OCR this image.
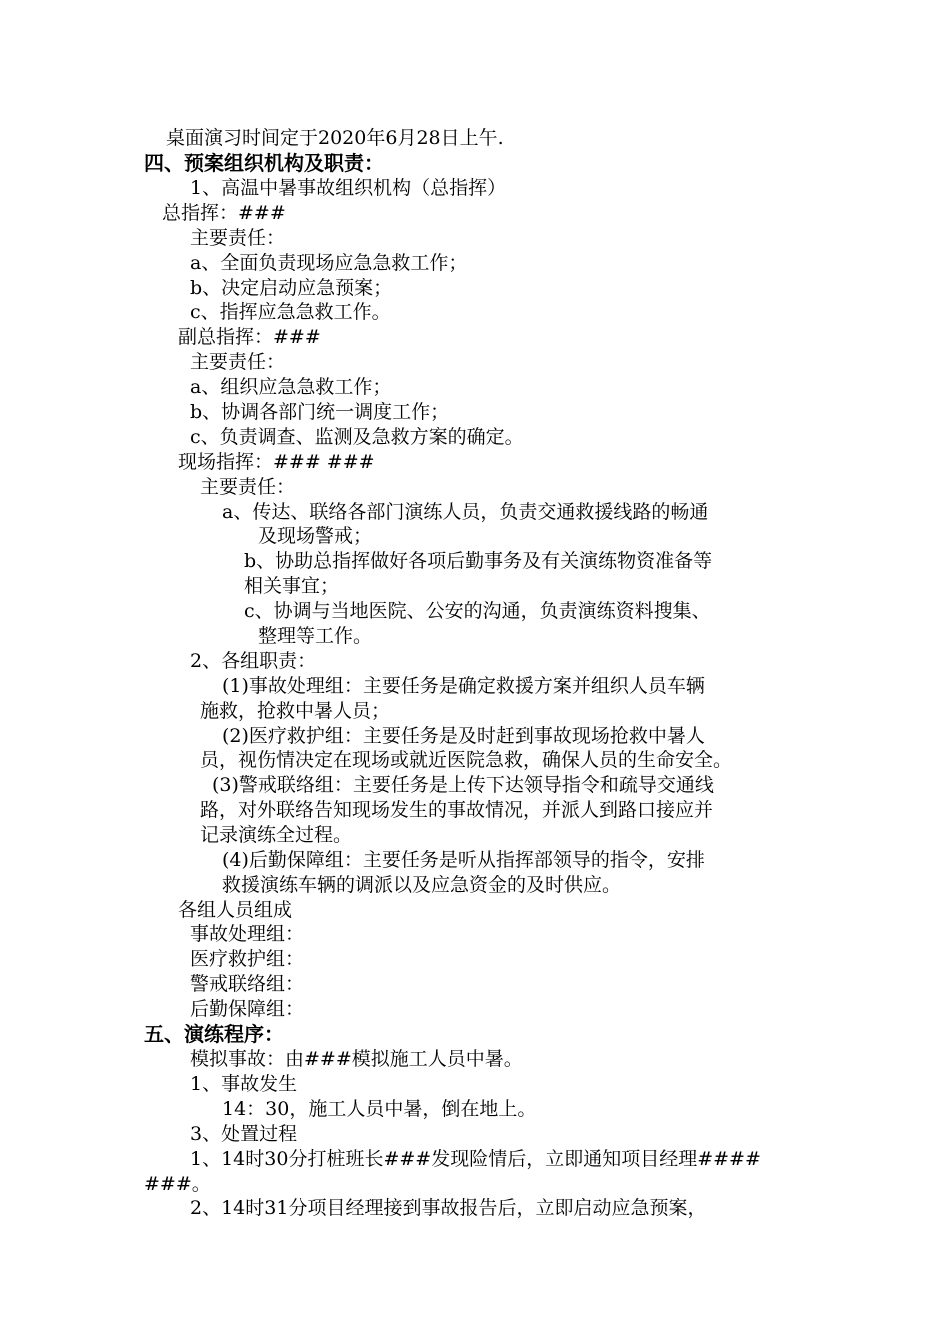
桌面演习时间定于2020年6月28日上午.
四、预案组织机构及职责：
1、高温中暑事故组织机构（总指挥）
总指挥：###
主要责任：
a、全面负责现场应急急救工作；
b、决定启动应急预案；
c、指挥应急急救工作。
副总指挥：###
主要责任：
a、组织应急急救工作；
b、协调各部门统一调度工作；
c、负责调查、监测及急救方案的确定。
现场指挥：### ###
主要责任：
a、传达、联络各部门演练人员，负责交通救援线路的畅通
及现场警戒；
b、协助总指挥做好各项后勤事务及有关演练物资准备等
相关事宜；
c、协调与当地医院、公安的沟通，负责演练资料搜集、
整理等工作。
2、各组职责：
(1)事故处理组：主要任务是确定救援方案并组织人员车辆
施救，抢救中暑人员；
(2)医疗救护组：主要任务是及时赶到事故现场抢救中暑人
员，视伤情决定在现场或就近医院急救，确保人员的生命安全。
(3)警戒联络组：主要任务是上传下达领导指令和疏导交通线
路，对外联络告知现场发生的事故情况，并派人到路口接应并
记录演练全过程。
(4)后勤保障组：主要任务是听从指挥部领导的指令，安排
救援演练车辆的调派以及应急资金的及时供应。
各组人员组成
事故处理组：
医疗救护组：
警戒联络组：
后勤保障组：
五、演练程序：
模拟事故：由###模拟施工人员中暑。
1、事故发生
14：30，施工人员中暑，倒在地上。
3、处置过程
1、14时30分打桩班长###发现险情后，立即通知项目经理####
###。
2、14时31分项目经理接到事故报告后，立即启动应急预案，
